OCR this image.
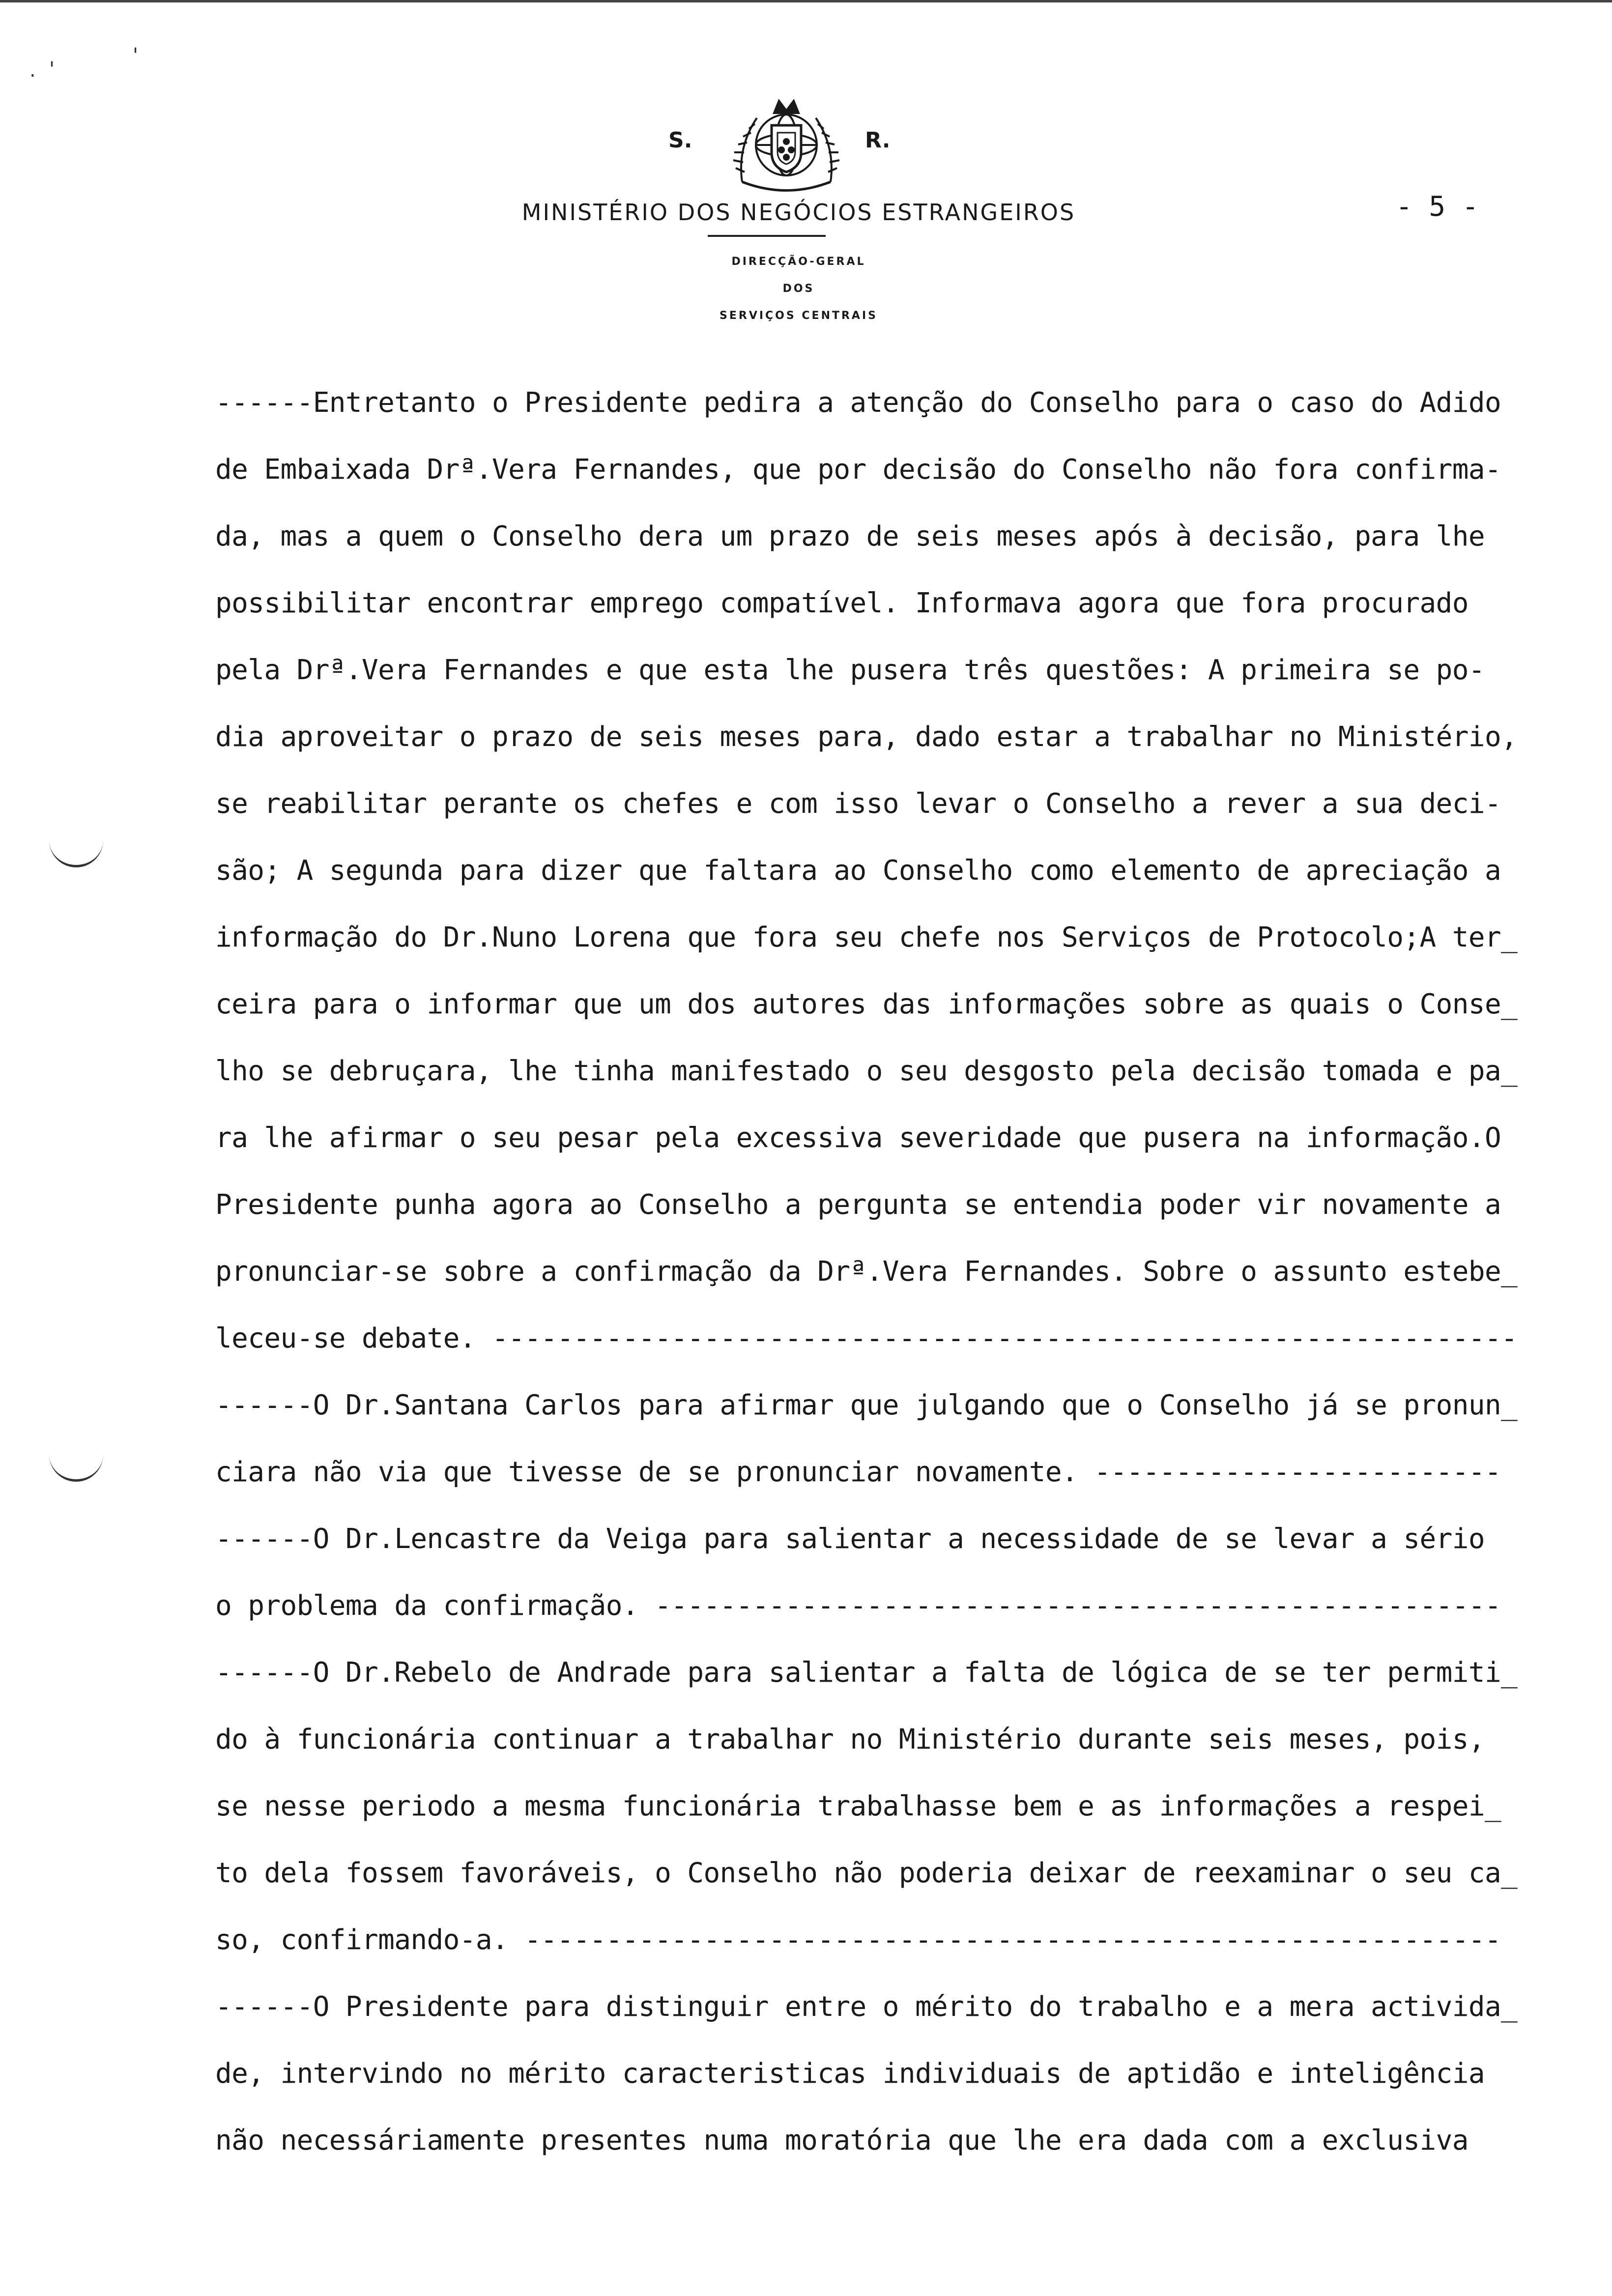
. '
'
S.	R.
MINISTÉRIO DOS NEGÓCIOS ESTRANGEIROS
DIRECÇÃO-GERAL
DOS
SERVIÇOS CENTRAIS
- 5 -
------Entretanto o Presidente pedira a atenção do Conselho para o caso do Adido
de Embaixada Drª.Vera Fernandes, que por decisão do Conselho não fora confirma-
da, mas a quem o Conselho dera um prazo de seis meses após à decisão, para lhe
possibilitar encontrar emprego compatível. Informava agora que fora procurado
pela Drª.Vera Fernandes e que esta lhe pusera três questões: A primeira se po-
dia aproveitar o prazo de seis meses para, dado estar a trabalhar no Ministério,
se reabilitar perante os chefes e com isso levar o Conselho a rever a sua deci-
são; A segunda para dizer que faltara ao Conselho como elemento de apreciação a
informação do Dr.Nuno Lorena que fora seu chefe nos Serviços de Protocolo;A ter_
ceira para o informar que um dos autores das informações sobre as quais o Conse_
lho se debruçara, lhe tinha manifestado o seu desgosto pela decisão tomada e pa_
ra lhe afirmar o seu pesar pela excessiva severidade que pusera na informação.O
Presidente punha agora ao Conselho a pergunta se entendia poder vir novamente a
pronunciar-se sobre a confirmação da Drª.Vera Fernandes. Sobre o assunto estebe_
leceu-se debate. ---------------------------------------------------------------
------O Dr.Santana Carlos para afirmar que julgando que o Conselho já se pronun_
ciara não via que tivesse de se pronunciar novamente. -------------------------
------O Dr.Lencastre da Veiga para salientar a necessidade de se levar a sério
o problema da confirmação. ----------------------------------------------------
------O Dr.Rebelo de Andrade para salientar a falta de lógica de se ter permiti_
do à funcionária continuar a trabalhar no Ministério durante seis meses, pois,
se nesse periodo a mesma funcionária trabalhasse bem e as informações a respei_
to dela fossem favoráveis, o Conselho não poderia deixar de reexaminar o seu ca_
so, confirmando-a. ------------------------------------------------------------
------O Presidente para distinguir entre o mérito do trabalho e a mera activida_
de, intervindo no mérito caracteristicas individuais de aptidão e inteligência
não necessáriamente presentes numa moratória que lhe era dada com a exclusiva
